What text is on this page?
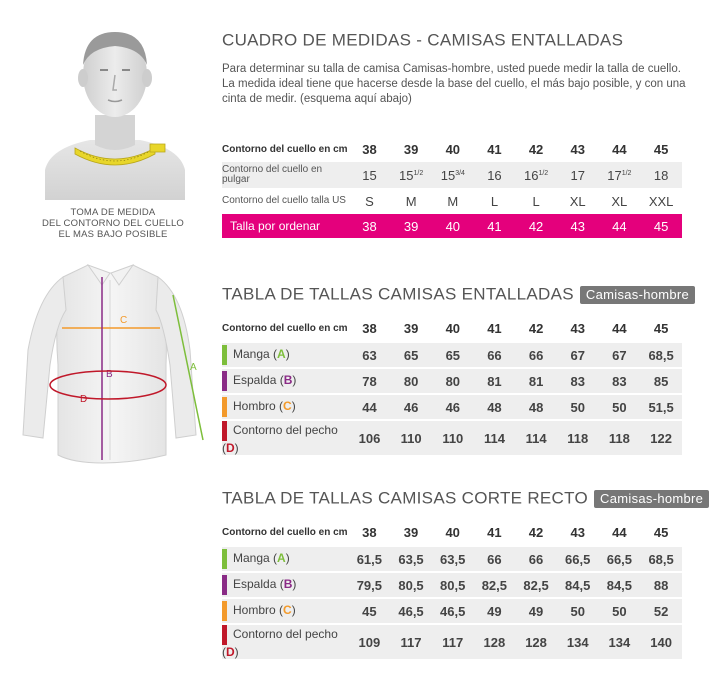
TOMA DE MEDIDA
DEL CONTORNO DEL CUELLO
EL MAS BAJO POSIBLE
A
C
B
D
CUADRO DE MEDIDAS - CAMISAS ENTALLADAS
Para determinar su talla de camisa Camisas-hombre, usted puede medir la talla de cuello. La medida ideal tiene que hacerse desde la base del cuello, el más bajo posible, y con una cinta de medir. (esquema aquí abajo)
Contorno del cuello en cm	38	39	40	41	42	43	44	45
Contorno del cuello en pulgar	15	$15^{1/2}$	$15^{3/4}$	16	$16^{1/2}$	17	$17^{1/2}$	18
Contorno del cuello talla US	S	M	M	L	L	XL	XL	XXL
Talla por ordenar	38	39	40	41	42	43	44	45
TABLA DE TALLAS CAMISAS ENTALLADAS Camisas-hombre
Contorno del cuello en cm	38	39	40	41	42	43	44	45
Manga (A)	63	65	65	66	66	67	67	68,5
Espalda (B)	78	80	80	81	81	83	83	85
Hombro (C)	44	46	46	48	48	50	50	51,5
Contorno del pecho (D)	106	110	110	114	114	118	118	122
TABLA DE TALLAS CAMISAS CORTE RECTO Camisas-hombre
Contorno del cuello en cm	38	39	40	41	42	43	44	45
Manga (A)	61,5	63,5	63,5	66	66	66,5	66,5	68,5
Espalda (B)	79,5	80,5	80,5	82,5	82,5	84,5	84,5	88
Hombro (C)	45	46,5	46,5	49	49	50	50	52
Contorno del pecho (D)	109	117	117	128	128	134	134	140
